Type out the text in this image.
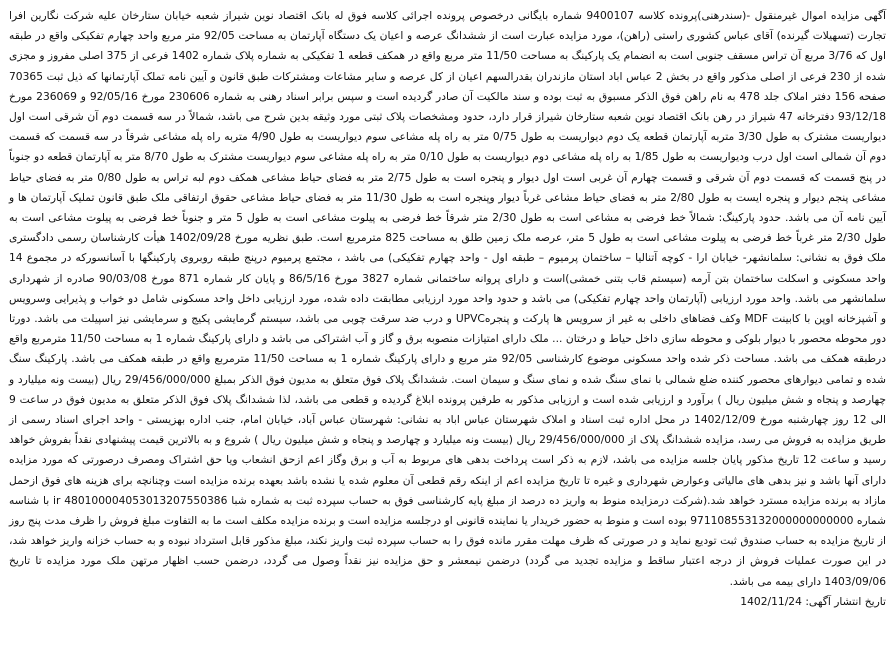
آگهی مزایده اموال غیرمنقول -(سندرهنی)پرونده کلاسه 9400107 شماره بایگانی درخصوص پرونده اجرائی کلاسه فوق له بانک اقتصاد نوین شیراز شعبه خیابان ستارخان علیه شرکت نگارین افرا تجارت (تسهیلات گیرنده) آقای عباس کشوری راستی (راهن)، مورد مزایده عبارت است از ششدانگ عرصه و اعیان یک دستگاه آپارتمان به مساحت 92/05 متر مربع واحد چهارم تفکیکی واقع در طبقه اول که 3/76 مربع آن تراس مسقف جنوبی است به انضمام یک پارکینگ به مساحت 11/50 متر مربع واقع در همکف قطعه 1 تفکیکی به شماره پلاک شماره 1402 فرعی از 375 اصلی مفروز و مجزی شده از 230 فرعی از اصلی مذکور واقع در بخش 2 عباس اباد استان مازندران بقدرالسهم اعیان از کل عرصه و سایر مشاعات ومشترکات طبق قانون و آیین نامه تملک آپارتمانها که ذیل ثبت 70365 صفحه 156 دفتر املاک جلد 478 به نام راهن فوق الذکر مسبوق به ثبت بوده و سند مالکیت آن صادر گردیده است و سپس برابر اسناد رهنی به شماره 230606 مورخ 92/05/16 و 236069 مورخ 93/12/18 دفترخانه 47 شیراز در رهن بانک اقتصاد نوین شعبه ستارخان شیراز قرار دارد، حدود ومشخصات پلاک ثبتی مورد وثیقه بدین شرح می باشد، شمالاً در سه قسمت دوم آن شرقی است اول دیواریست مشترک به طول 3/30 متربه آپارتمان قطعه یک دوم دیواریست به طول 0/75 متر به راه پله مشاعی سوم دیواریست به طول 4/90 متربه راه پله مشاعی شرقاً در سه قسمت که قسمت دوم آن شمالی است اول درب ودیواریست به طول 1/85 به راه پله مشاعی دوم دیواریست به طول 0/10 متر به راه پله مشاعی سوم دیواریست مشترک به طول 8/70 متر به آپارتمان قطعه دو جنوباً در پنج قسمت که قسمت دوم آن شرقی و قسمت چهارم آن غربی است اول دیوار و پنجره است به طول 2/75 متر به فضای حیاط مشاعی همکف دوم لبه تراس به طول 0/80 متر به فضای حیاط مشاعی پنجم دیوار و پنجره ایست به طول 2/80 متر به فضای حیاط مشاعی غرباً دیوار وپنجره است به طول 11/30 متر به فضای حیاط مشاعی حقوق ارتفاقی ملک طبق قانون تملیک آپارتمان ها و آیین نامه آن می باشد. حدود پارکینگ: شمالاً خط فرضی به مشاعی است به طول 2/30 متر شرقاً خط فرضی به پیلوت مشاعی است به طول 5 متر و جنوباً خط فرضی به پیلوت مشاعی است به طول 2/30 متر غرباً خط فرضی به پیلوت مشاعی است به طول 5 متر، عرصه ملک زمین طلق به مساحت 825 مترمربع است. طبق نظریه مورخ 1402/09/28 هیأت کارشناسان رسمی دادگستری ملک فوق به نشانی: سلمانشهر- خیابان ارا - کوچه آتنالیا – ساختمان پرمیوم – طبقه اول - واحد چهارم تفکیکی) می باشد ، مجتمع پرمیوم درپنج طبقه روبروی پارکینگها با آسانسورکه در مجموع 14 واحد مسکونی و اسکلت ساختمان بتن آرمه (سیستم قاب بتنی خمشی)است و دارای پروانه ساختمانی شماره 3827 مورخ 86/5/16 و پایان کار شماره 871 مورخ 90/03/08 صادره از شهرداری سلمانشهر می باشد. واحد مورد ارزیابی (آپارتمان واحد چهارم تفکیکی) می باشد و حدود واحد مورد ارزیابی مطابقت داده شده، مورد ارزیابی داخل واحد مسکونی شامل دو خواب و پذیرایی وسرویس و آشپزخانه اوپن با کابینت MDF وکف فضاهای داخلی به غیر از سرویس ها پارکت و پنجرهUPVC و درب ضد سرقت چوبی می باشد، سیستم گرمایشی پکیج و سرمایشی نیز اسپیلت می باشد. دورتا دور محوطه محصور با دیوار بلوکی و محوطه سازی داخل حیاط و درختان ... ملک دارای امتیازات منصوبه برق و گاز و آب اشتراکی می باشد و دارای پارکینگ شماره 1 به مساحت 11/50 مترمربع واقع درطبقه همکف می باشد. مساحت ذکر شده واحد مسکونی موضوع کارشناسی 92/05 متر مربع و دارای پارکینگ شماره 1 به مساحت 11/50 مترمربع واقع در طبقه همکف می باشد. پارکینگ سنگ شده و تمامی دیوارهای محصور کننده ضلع شمالی با نمای سنگ شده و نمای سنگ و سیمان است. ششدانگ پلاک فوق متعلق به مدیون فوق الذکر بمبلغ 29/456/000/000 ریال (بیست ونه میلیارد و چهارصد و پنجاه و شش میلیون ریال ) برآورد و ارزیابی شده است و ارزیابی مذکور به طرفین پرونده ابلاغ گردیده و قطعی می باشد، لذا ششدانگ پلاک فوق الذکر متعلق به مدیون فوق در ساعت 9 الی 12 روز چهارشنبه مورخ 1402/12/09 در محل اداره ثبت اسناد و املاک شهرستان عباس اباد به نشانی: شهرستان عباس آباد، خیابان امام، جنب اداره بهزیستی - واحد اجرای اسناد رسمی از طریق مزایده به فروش می رسد، مزایده ششدانگ پلاک از 29/456/000/000 ریال (بیست ونه میلیارد و چهارصد و پنجاه و شش میلیون ریال ) شروع و به بالاترین قیمت پیشنهادی نقداً بفروش خواهد رسید و ساعت 12 تاریخ مذکور پایان جلسه مزایده می باشد، لازم به ذکر است پرداخت بدهی های مربوط به آب و برق وگاز اعم ازحق انشعاب ویا حق اشتراک ومصرف درصورتی که مورد مزایده دارای آنها باشد و نیز بدهی های مالیاتی وعوارض شهرداری و غیره تا تاریخ مزایده اعم از اینکه رقم قطعی آن معلوم شده یا نشده باشد بعهده برنده مزایده است وچنانچه برای هزینه های فوق ازحمل مازاد به برنده مزایده مسترد خواهد شد.(شرکت درمزایده منوط به واریز ده درصد از مبلغ پایه کارشناسی فوق به حساب سپرده ثبت به شماره شبا 480100004053013207550386 ir با شناسه شماره 971108553132000000000000 بوده است و منوط به حضور خریدار یا نماینده قانونی او درجلسه مزایده است و برنده مزایده مکلف است ما به التفاوت مبلغ فروش را ظرف مدت پنج روز از تاریخ مزایده به حساب صندوق ثبت تودیع نماید و در صورتی که ظرف مهلت مقرر مانده فوق را به حساب سپرده ثبت واریز نکند، مبلغ مذکور قابل استرداد نبوده و به حساب خزانه واریز خواهد شد، در این صورت عملیات فروش از درجه اعتبار ساقط و مزایده تجدید می گردد) درضمن نیمعشر و حق مزایده نیز نقداً وصول می گردد، درضمن حسب اظهار مرتهن ملک مورد مزایده تا تاریخ 1403/09/06 دارای بیمه می باشد.

تاریخ انتشار آگهی: 1402/11/24
